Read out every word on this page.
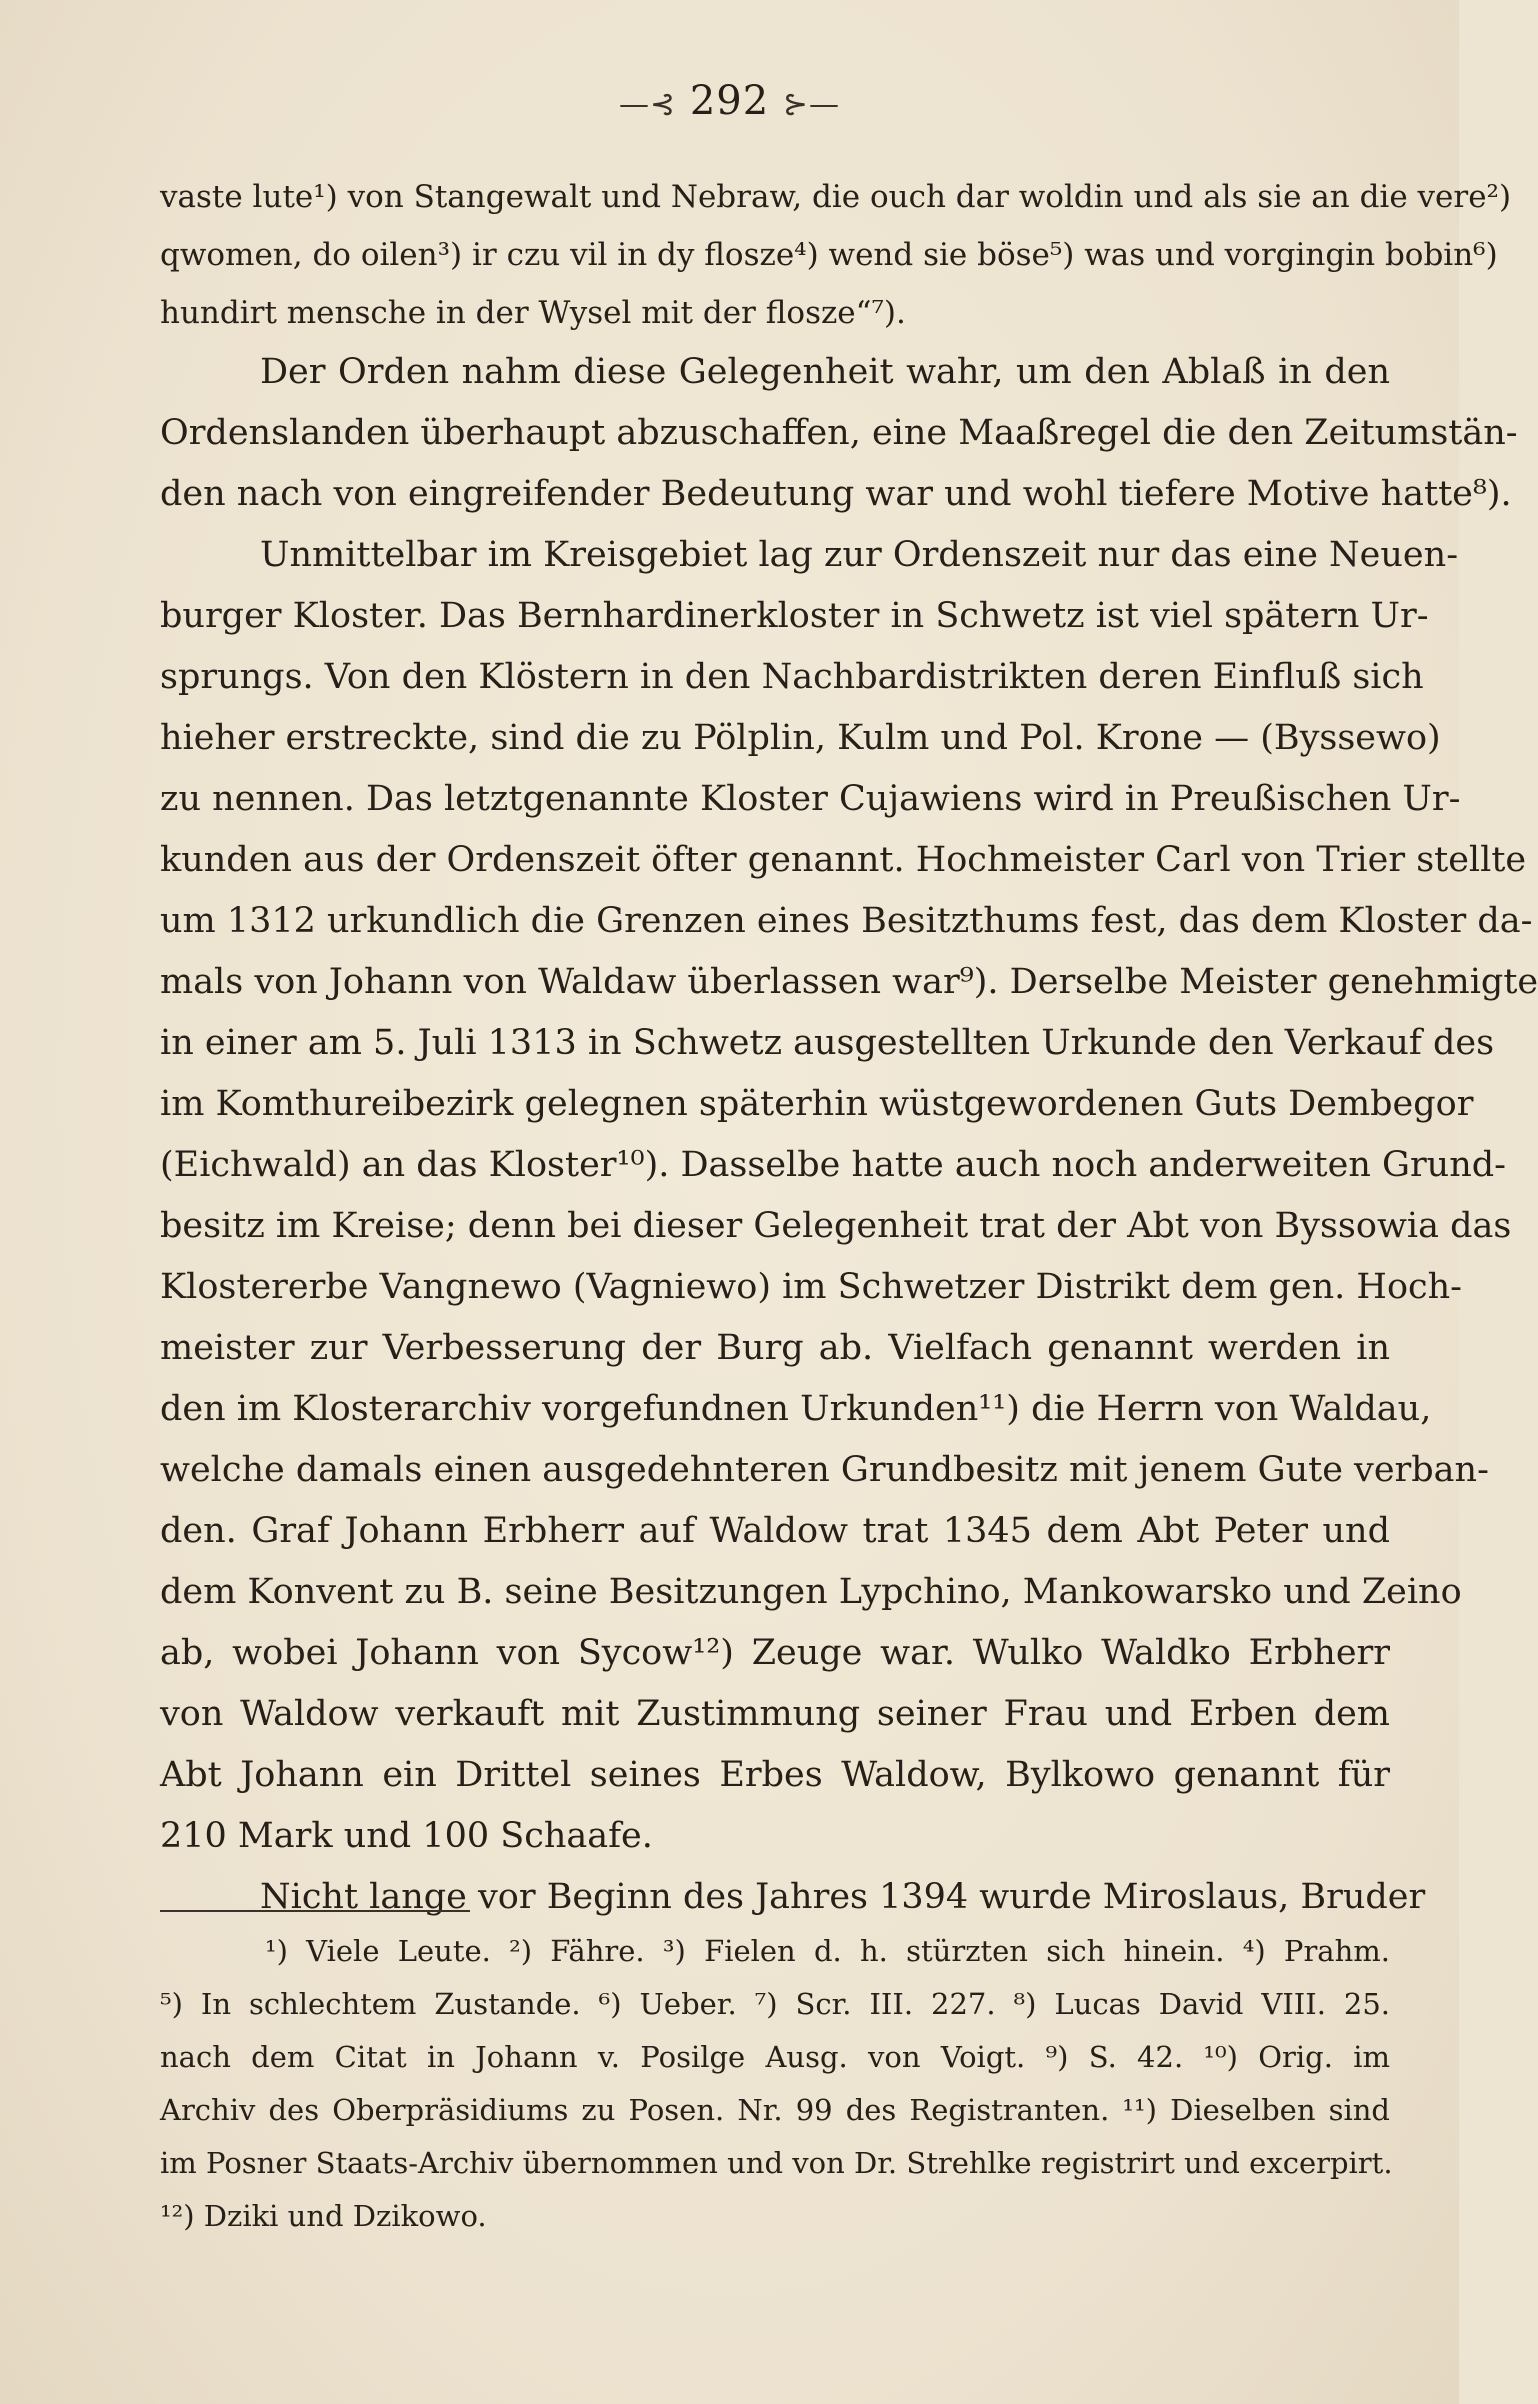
—⊰ 292 ⊱—
vaste lute¹) von Stangewalt und Nebraw, die ouch dar woldin und als sie an die vere²)
qwomen, do oilen³) ir czu vil in dy flosze⁴) wend sie böse⁵) was und vorgingin bobin⁶)
hundirt mensche in der Wysel mit der flosze“⁷).
Der Orden nahm diese Gelegenheit wahr, um den Ablaß in den
Ordenslanden überhaupt abzuschaffen, eine Maaßregel die den Zeitumstän-
den nach von eingreifender Bedeutung war und wohl tiefere Motive hatte⁸).
Unmittelbar im Kreisgebiet lag zur Ordenszeit nur das eine Neuen-
burger Kloster. Das Bernhardinerkloster in Schwetz ist viel spätern Ur-
sprungs. Von den Klöstern in den Nachbardistrikten deren Einfluß sich
hieher erstreckte, sind die zu Pölplin, Kulm und Pol. Krone — (Byssewo)
zu nennen. Das letztgenannte Kloster Cujawiens wird in Preußischen Ur-
kunden aus der Ordenszeit öfter genannt. Hochmeister Carl von Trier stellte
um 1312 urkundlich die Grenzen eines Besitzthums fest, das dem Kloster da-
mals von Johann von Waldaw überlassen war⁹). Derselbe Meister genehmigte
in einer am 5. Juli 1313 in Schwetz ausgestellten Urkunde den Verkauf des
im Komthureibezirk gelegnen späterhin wüstgewordenen Guts Dembegor
(Eichwald) an das Kloster¹⁰). Dasselbe hatte auch noch anderweiten Grund-
besitz im Kreise; denn bei dieser Gelegenheit trat der Abt von Byssowia das
Klostererbe Vangnewo (Vagniewo) im Schwetzer Distrikt dem gen. Hoch-
meister zur Verbesserung der Burg ab. Vielfach genannt werden in
den im Klosterarchiv vorgefundnen Urkunden¹¹) die Herrn von Waldau,
welche damals einen ausgedehnteren Grundbesitz mit jenem Gute verban-
den. Graf Johann Erbherr auf Waldow trat 1345 dem Abt Peter und
dem Konvent zu B. seine Besitzungen Lypchino, Mankowarsko und Zeino
ab, wobei Johann von Sycow¹²) Zeuge war. Wulko Waldko Erbherr
von Waldow verkauft mit Zustimmung seiner Frau und Erben dem
Abt Johann ein Drittel seines Erbes Waldow, Bylkowo genannt für
210 Mark und 100 Schaafe.
Nicht lange vor Beginn des Jahres 1394 wurde Miroslaus, Bruder
¹) Viele Leute. ²) Fähre. ³) Fielen d. h. stürzten sich hinein. ⁴) Prahm.
⁵) In schlechtem Zustande. ⁶) Ueber. ⁷) Scr. III. 227. ⁸) Lucas David VIII. 25.
nach dem Citat in Johann v. Posilge Ausg. von Voigt. ⁹) S. 42. ¹⁰) Orig. im
Archiv des Oberpräsidiums zu Posen. Nr. 99 des Registranten. ¹¹) Dieselben sind
im Posner Staats-Archiv übernommen und von Dr. Strehlke registrirt und excerpirt.
¹²) Dziki und Dzikowo.
